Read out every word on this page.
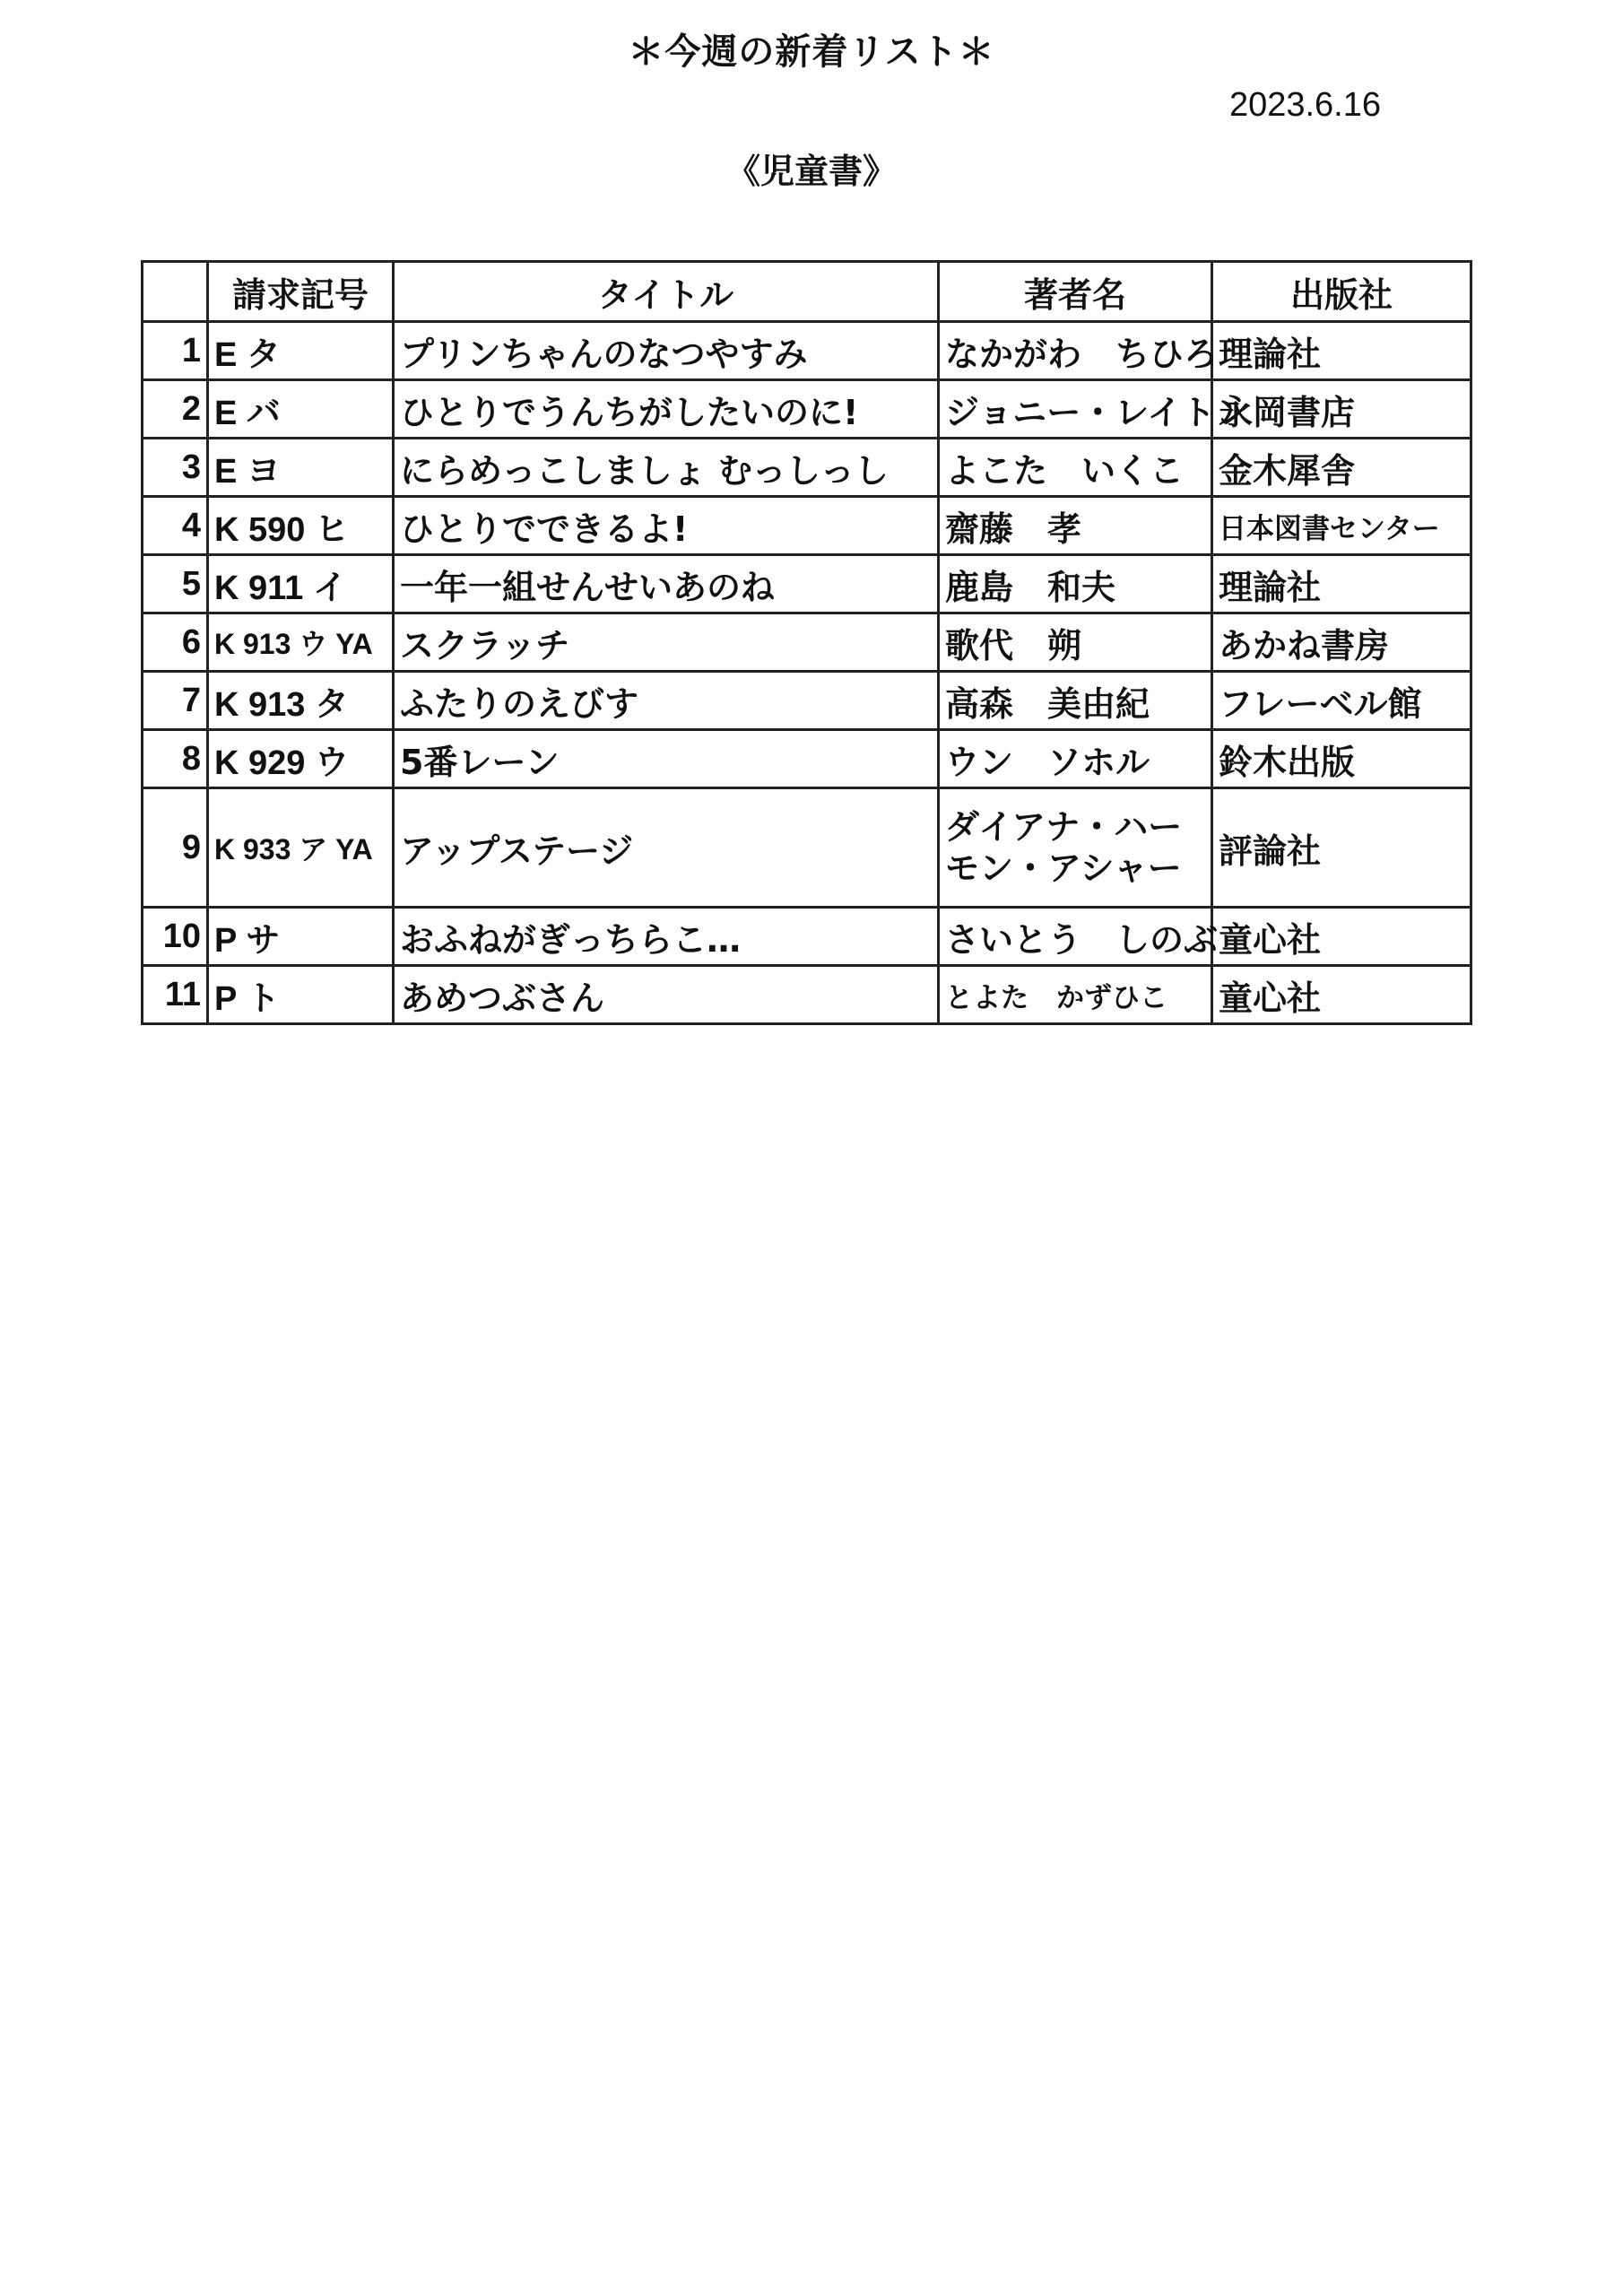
＊今週の新着リスト＊
2023.6.16
《児童書》
	請求記号	タイトル	著者名	出版社
1	E タ	プリンちゃんのなつやすみ	なかがわ　ちひろ	理論社
2	E バ	ひとりでうんちがしたいのに!	ジョニー・レイトン	永岡書店
3	E ヨ	にらめっこしましょ むっしっし	よこた　いくこ	金木犀舎
4	K 590 ヒ	ひとりでできるよ!	齋藤　孝	日本図書センター
5	K 911 イ	一年一組せんせいあのね	鹿島　和夫	理論社
6	K 913 ウ YA	スクラッチ	歌代　朔	あかね書房
7	K 913 タ	ふたりのえびす	高森　美由紀	フレーベル館
8	K 929 ウ	5番レーン	ウン　ソホル	鈴木出版
9	K 933 ア YA	アップステージ	ダイアナ・ハーモン・アシャー	評論社
10	P サ	おふねがぎっちらこ…	さいとう　しのぶ	童心社
11	P ト	あめつぶさん	とよた　かずひこ	童心社
